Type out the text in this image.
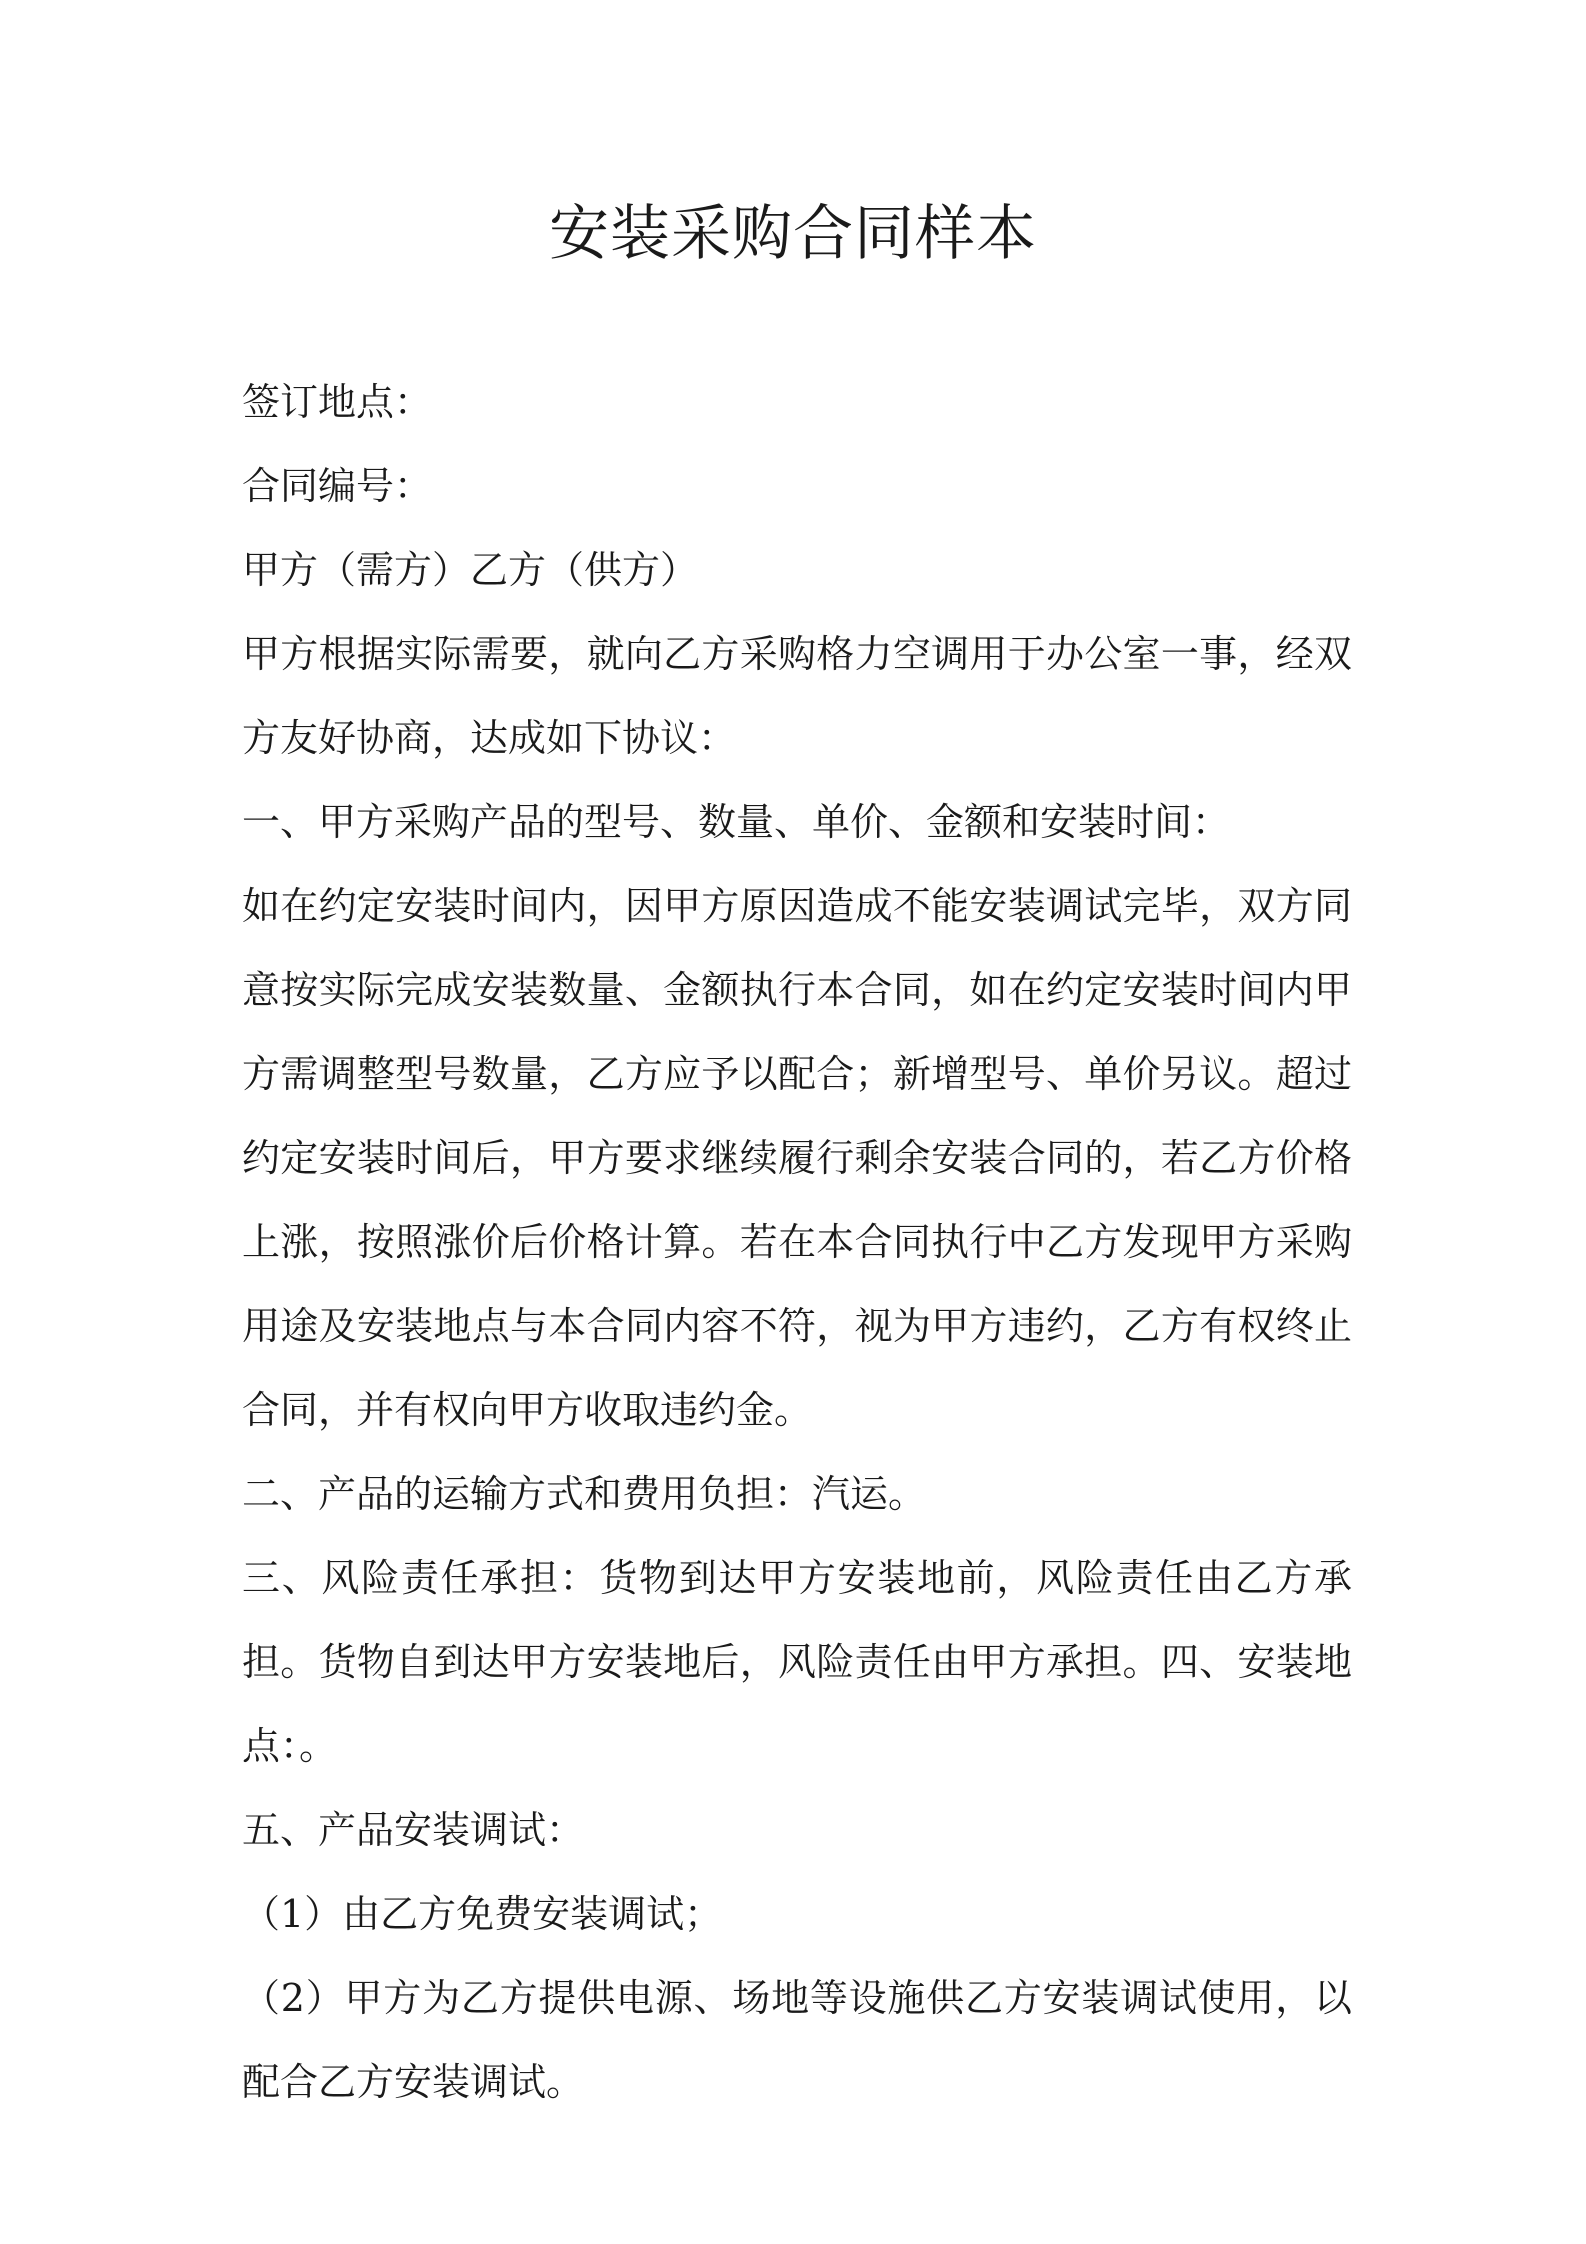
安装采购合同样本

签订地点：

合同编号：

甲方（需方）乙方（供方）

甲方根据实际需要，就向乙方采购格力空调用于办公室一事，经双方友好协商，达成如下协议：

一、甲方采购产品的型号、数量、单价、金额和安装时间：

如在约定安装时间内，因甲方原因造成不能安装调试完毕，双方同意按实际完成安装数量、金额执行本合同，如在约定安装时间内甲方需调整型号数量，乙方应予以配合；新增型号、单价另议。超过约定安装时间后，甲方要求继续履行剩余安装合同的，若乙方价格上涨，按照涨价后价格计算。若在本合同执行中乙方发现甲方采购用途及安装地点与本合同内容不符，视为甲方违约，乙方有权终止合同，并有权向甲方收取违约金。

二、产品的运输方式和费用负担：汽运。

三、风险责任承担：货物到达甲方安装地前，风险责任由乙方承担。货物自到达甲方安装地后，风险责任由甲方承担。四、安装地点：。

五、产品安装调试：

（1）由乙方免费安装调试；

（2）甲方为乙方提供电源、场地等设施供乙方安装调试使用，以配合乙方安装调试。
